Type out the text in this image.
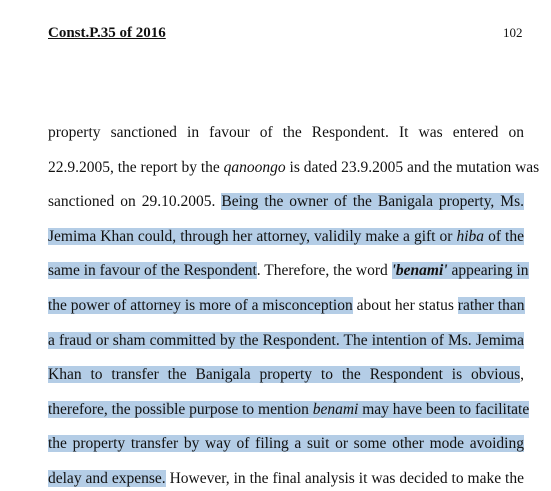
Const.P.35 of 2016	102
property sanctioned in favour of the Respondent. It was entered on
22.9.2005, the report by the qanoongo is dated 23.9.2005 and the mutation was
sanctioned on 29.10.2005. Being the owner of the Banigala property, Ms.
Jemima Khan could, through her attorney, validily make a gift or hiba of the
same in favour of the Respondent. Therefore, the word 'benami' appearing in
the power of attorney is more of a misconception about her status rather than
a fraud or sham committed by the Respondent. The intention of Ms. Jemima
Khan to transfer the Banigala property to the Respondent is obvious,
therefore, the possible purpose to mention benami may have been to facilitate
the property transfer by way of filing a suit or some other mode avoiding
delay and expense. However, in the final analysis it was decided to make the
